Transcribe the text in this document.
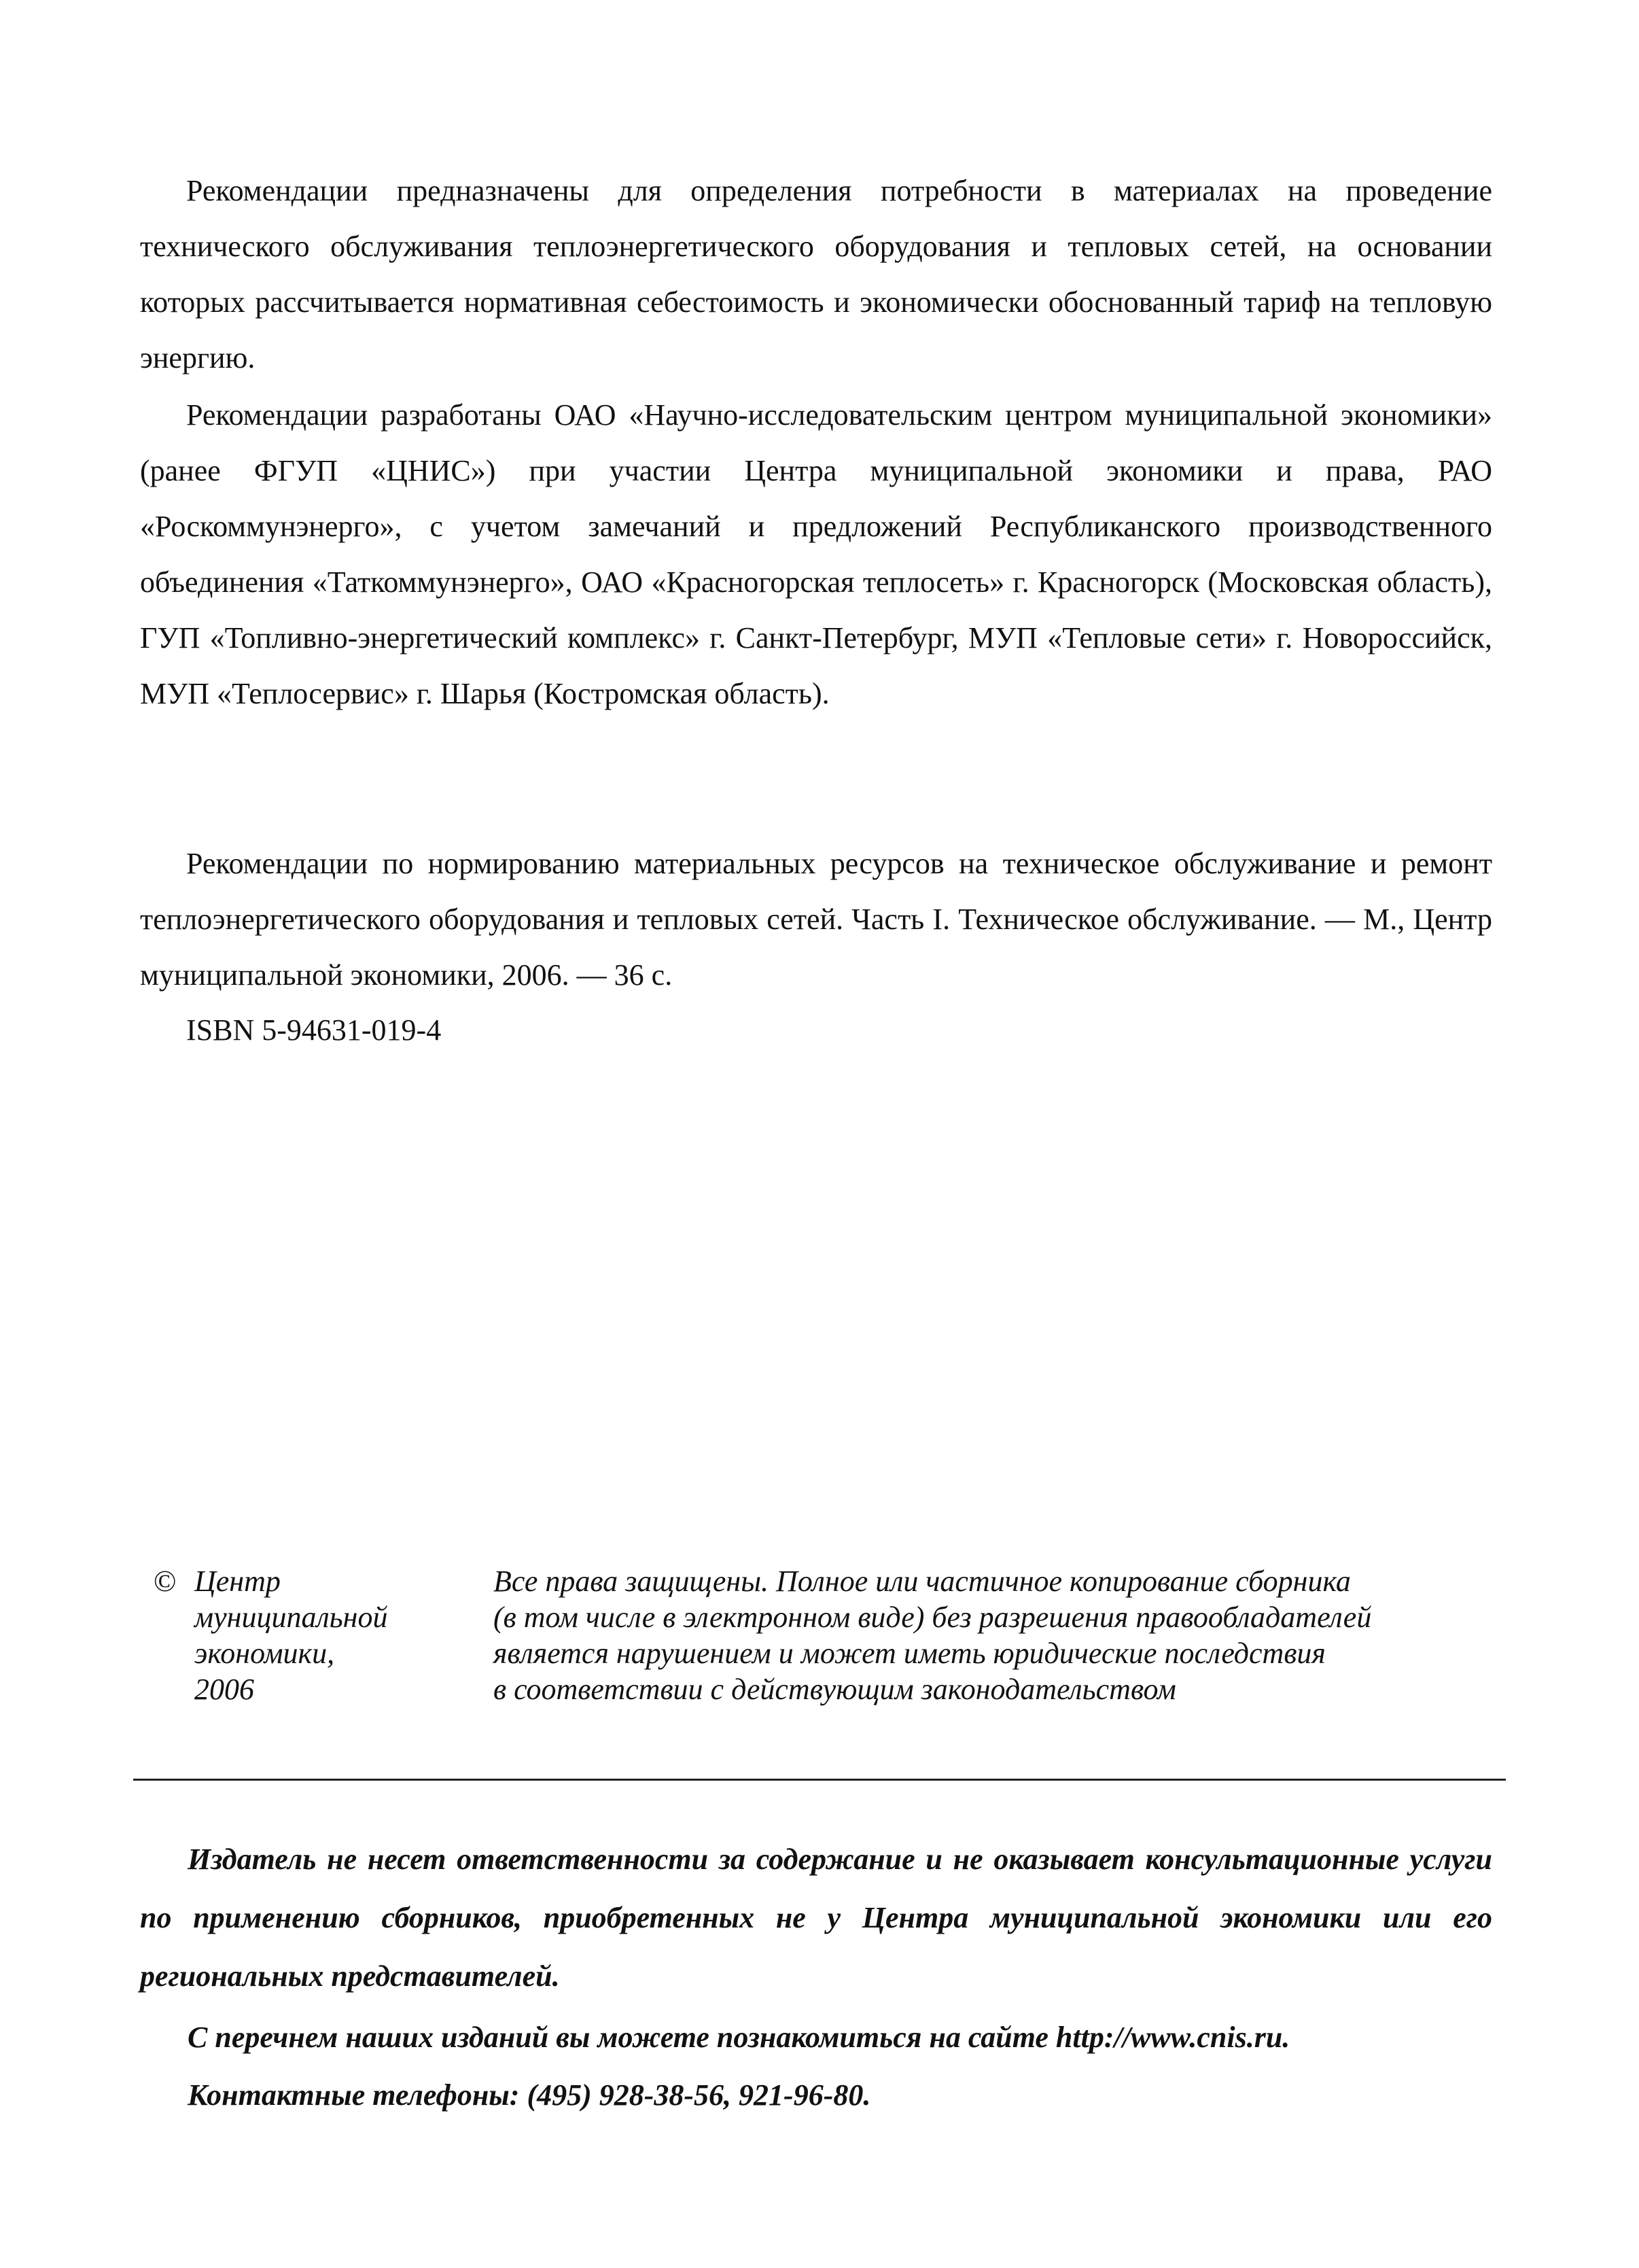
Рекомендации предназначены для определения потребности в материалах на проведение технического обслуживания теплоэнергетического оборудования и тепловых сетей, на основании которых рассчитывается нормативная себестоимость и экономически обоснованный тариф на тепловую энергию.

Рекомендации разработаны ОАО «Научно-исследовательским центром муниципальной экономики» (ранее ФГУП «ЦНИС») при участии Центра муниципальной экономики и права, РАО «Роскоммунэнерго», с учетом замечаний и предложений Республиканского производственного объединения «Таткоммунэнерго», ОАО «Красногорская теплосеть» г. Красногорск (Московская область), ГУП «Топливно-энергетический комплекс» г. Санкт-Петербург, МУП «Тепловые сети» г. Новороссийск, МУП «Теплосервис» г. Шарья (Костромская область).

Рекомендации по нормированию материальных ресурсов на техническое обслуживание и ремонт теплоэнергетического оборудования и тепловых сетей. Часть I. Техническое обслуживание. — М., Центр муниципальной экономики, 2006. — 36 с.

ISBN 5-94631-019-4

© Центр
муниципальной
экономики,
2006
Все права защищены. Полное или частичное копирование сборника
(в том числе в электронном виде) без разрешения правообладателей
является нарушением и может иметь юридические последствия
в соответствии с действующим законодательством

Издатель не несет ответственности за содержание и не оказывает консультационные услуги по применению сборников, приобретенных не у Центра муниципальной экономики или его региональных представителей.

С перечнем наших изданий вы можете познакомиться на сайте http://www.cnis.ru.

Контактные телефоны: (495) 928-38-56, 921-96-80.
